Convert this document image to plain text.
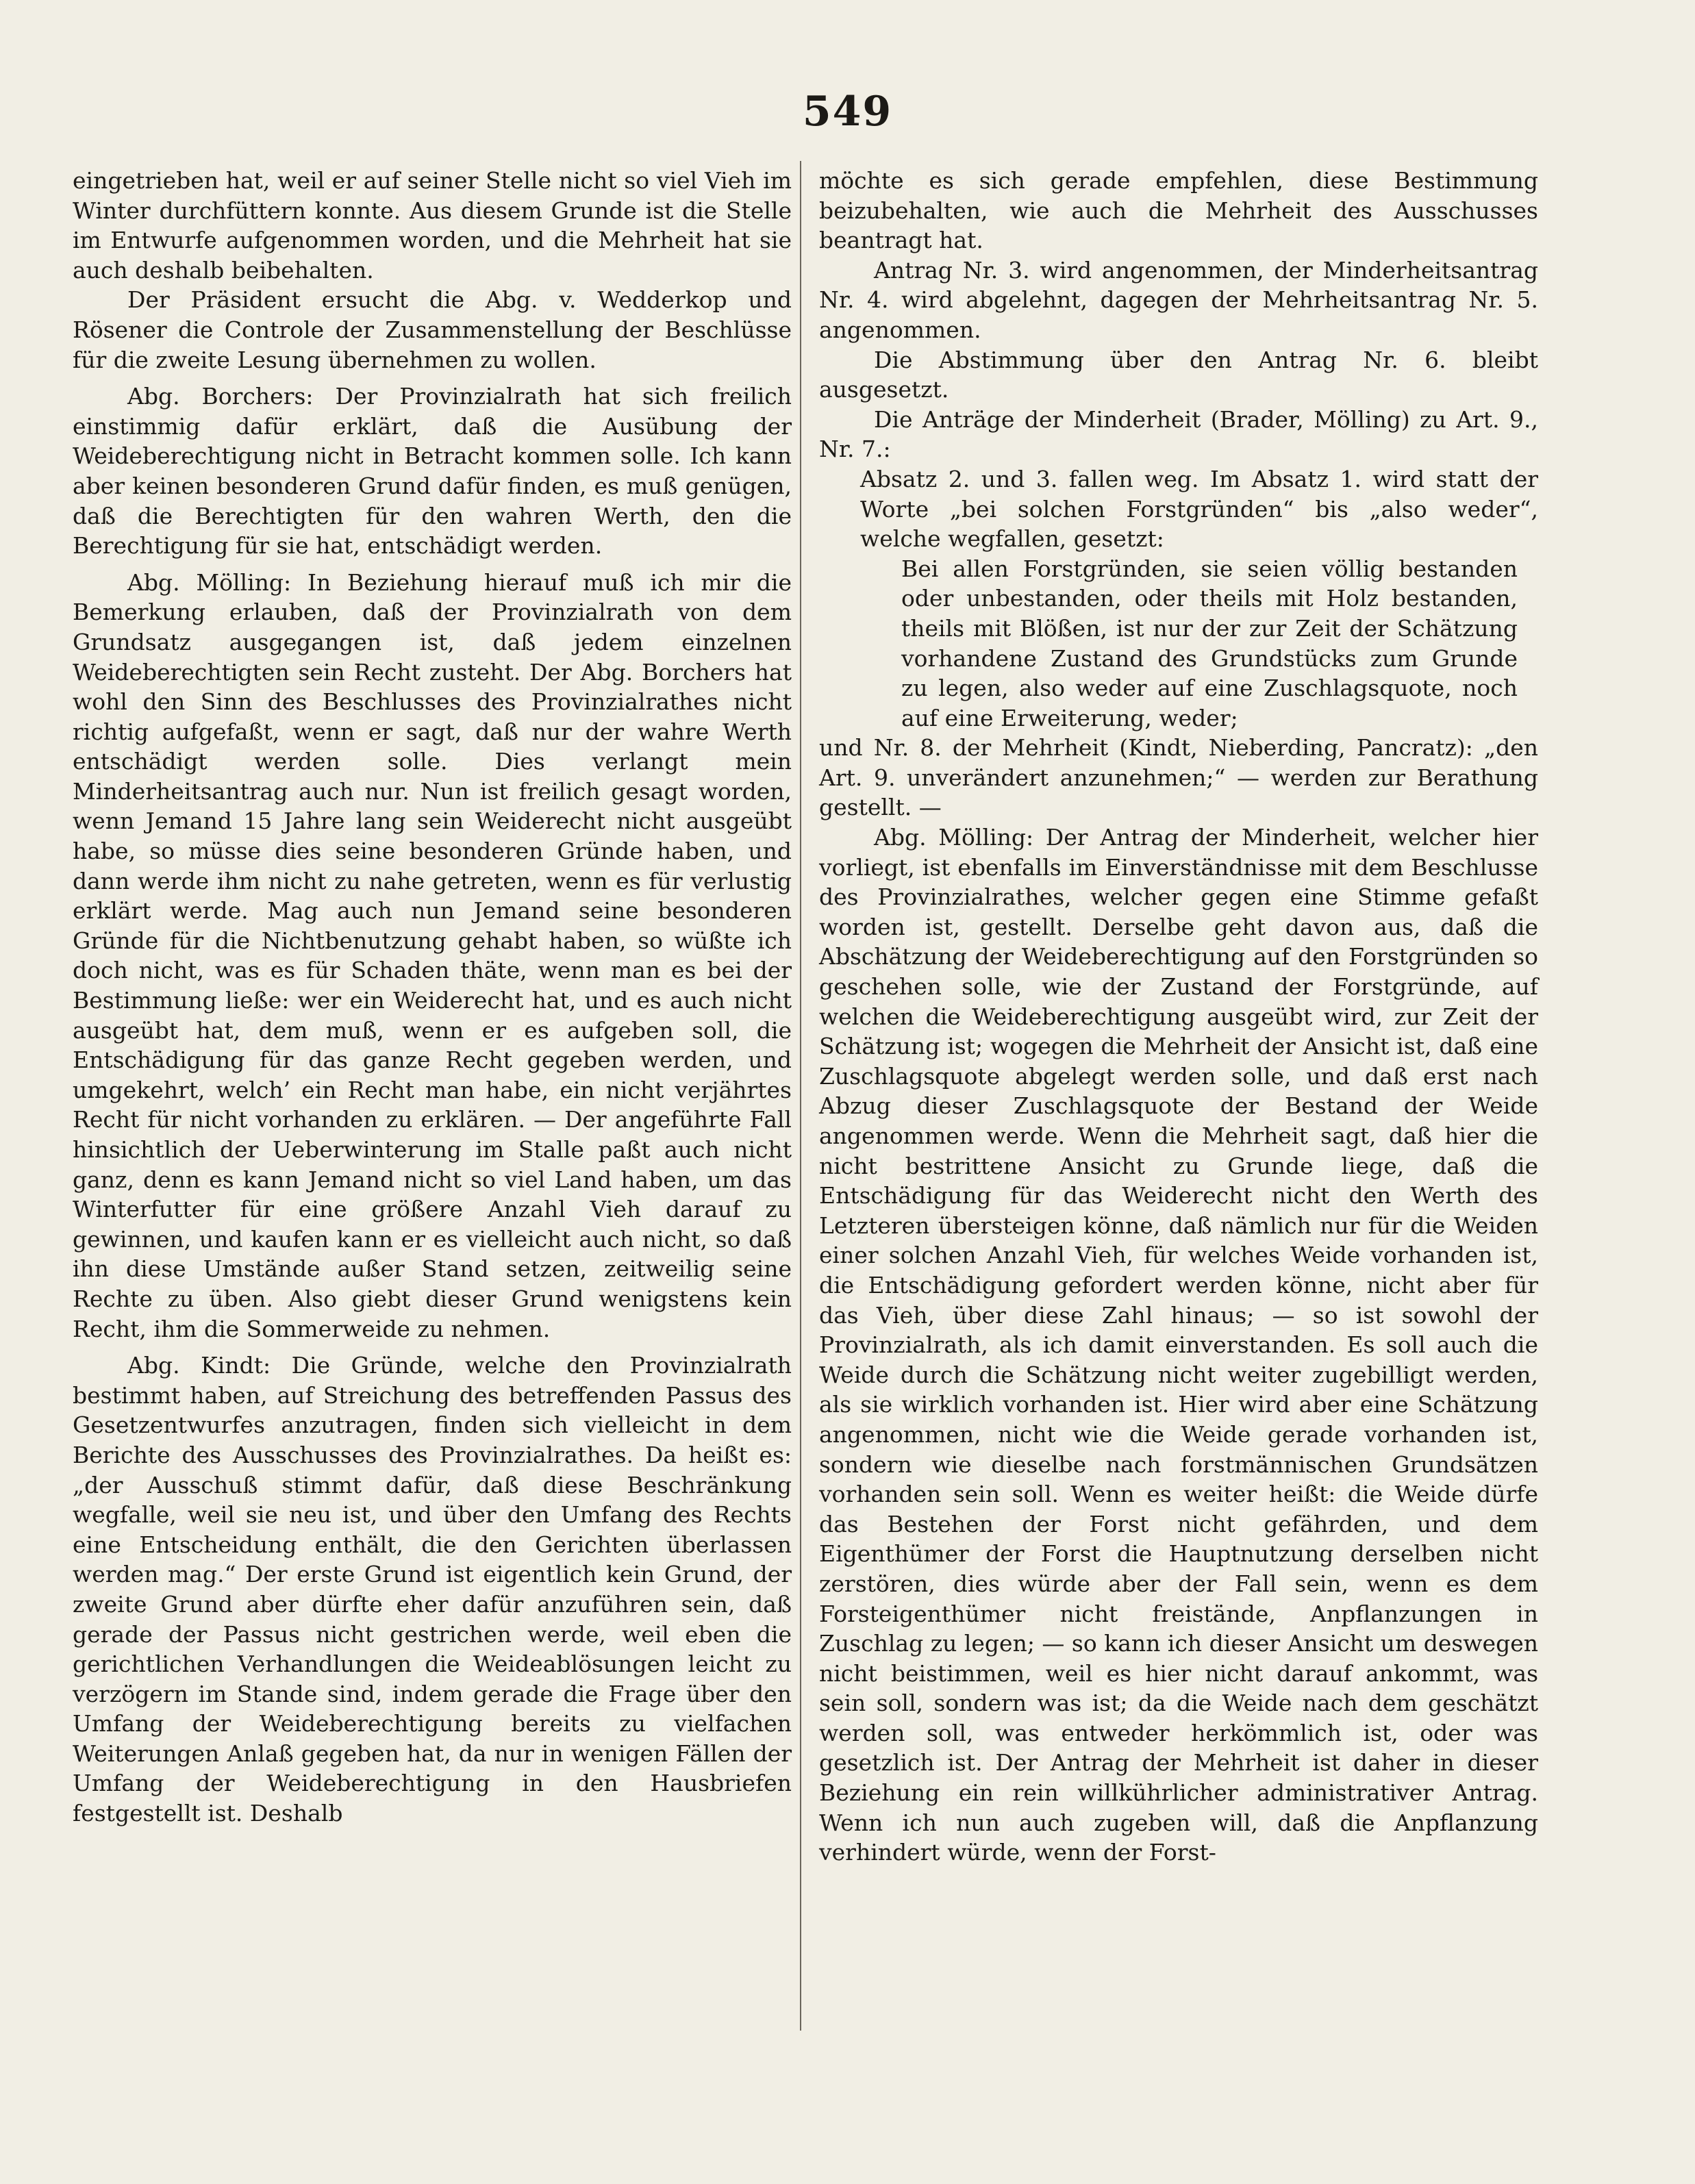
549

eingetrieben hat, weil er auf seiner Stelle nicht so viel Vieh im Winter durchfüttern konnte. Aus diesem Grunde ist die Stelle im Entwurfe aufgenommen worden, und die Mehrheit hat sie auch deshalb beibehalten.

Der Präsident ersucht die Abg. v. Wedderkop und Rösener die Controle der Zusammenstellung der Beschlüsse für die zweite Lesung übernehmen zu wollen.

Abg. Borchers: Der Provinzialrath hat sich freilich einstimmig dafür erklärt, daß die Ausübung der Weideberechtigung nicht in Betracht kommen solle. Ich kann aber keinen besonderen Grund dafür finden, es muß genügen, daß die Berechtigten für den wahren Werth, den die Berechtigung für sie hat, entschädigt werden.

Abg. Mölling: In Beziehung hierauf muß ich mir die Bemerkung erlauben, daß der Provinzialrath von dem Grundsatz ausgegangen ist, daß jedem einzelnen Weideberechtigten sein Recht zusteht. Der Abg. Borchers hat wohl den Sinn des Beschlusses des Provinzialrathes nicht richtig aufgefaßt, wenn er sagt, daß nur der wahre Werth entschädigt werden solle. Dies verlangt mein Minderheitsantrag auch nur. Nun ist freilich gesagt worden, wenn Jemand 15 Jahre lang sein Weiderecht nicht ausgeübt habe, so müsse dies seine besonderen Gründe haben, und dann werde ihm nicht zu nahe getreten, wenn es für verlustig erklärt werde. Mag auch nun Jemand seine besonderen Gründe für die Nichtbenutzung gehabt haben, so wüßte ich doch nicht, was es für Schaden thäte, wenn man es bei der Bestimmung ließe: wer ein Weiderecht hat, und es auch nicht ausgeübt hat, dem muß, wenn er es aufgeben soll, die Entschädigung für das ganze Recht gegeben werden, und umgekehrt, welch’ ein Recht man habe, ein nicht verjährtes Recht für nicht vorhanden zu erklären. — Der angeführte Fall hinsichtlich der Ueberwinterung im Stalle paßt auch nicht ganz, denn es kann Jemand nicht so viel Land haben, um das Winterfutter für eine größere Anzahl Vieh darauf zu gewinnen, und kaufen kann er es vielleicht auch nicht, so daß ihn diese Umstände außer Stand setzen, zeitweilig seine Rechte zu üben. Also giebt dieser Grund wenigstens kein Recht, ihm die Sommerweide zu nehmen.

Abg. Kindt: Die Gründe, welche den Provinzialrath bestimmt haben, auf Streichung des betreffenden Passus des Gesetzentwurfes anzutragen, finden sich vielleicht in dem Berichte des Ausschusses des Provinzialrathes. Da heißt es: „der Ausschuß stimmt dafür, daß diese Beschränkung wegfalle, weil sie neu ist, und über den Umfang des Rechts eine Entscheidung enthält, die den Gerichten überlassen werden mag.“ Der erste Grund ist eigentlich kein Grund, der zweite Grund aber dürfte eher dafür anzuführen sein, daß gerade der Passus nicht gestrichen werde, weil eben die gerichtlichen Verhandlungen die Weideablösungen leicht zu verzögern im Stande sind, indem gerade die Frage über den Umfang der Weideberechtigung bereits zu vielfachen Weiterungen Anlaß gegeben hat, da nur in wenigen Fällen der Umfang der Weideberechtigung in den Hausbriefen festgestellt ist. Deshalb

möchte es sich gerade empfehlen, diese Bestimmung beizubehalten, wie auch die Mehrheit des Ausschusses beantragt hat.

Antrag Nr. 3. wird angenommen, der Minderheitsantrag Nr. 4. wird abgelehnt, dagegen der Mehrheitsantrag Nr. 5. angenommen.

Die Abstimmung über den Antrag Nr. 6. bleibt ausgesetzt.

Die Anträge der Minderheit (Brader, Mölling) zu Art. 9., Nr. 7.:

Absatz 2. und 3. fallen weg. Im Absatz 1. wird statt der Worte „bei solchen Forstgründen“ bis „also weder“, welche wegfallen, gesetzt:

Bei allen Forstgründen, sie seien völlig bestanden oder unbestanden, oder theils mit Holz bestanden, theils mit Blößen, ist nur der zur Zeit der Schätzung vorhandene Zustand des Grundstücks zum Grunde zu legen, also weder auf eine Zuschlagsquote, noch auf eine Erweiterung, weder;

und Nr. 8. der Mehrheit (Kindt, Nieberding, Pancratz): „den Art. 9. unverändert anzunehmen;“ — werden zur Berathung gestellt. —

Abg. Mölling: Der Antrag der Minderheit, welcher hier vorliegt, ist ebenfalls im Einverständnisse mit dem Beschlusse des Provinzialrathes, welcher gegen eine Stimme gefaßt worden ist, gestellt. Derselbe geht davon aus, daß die Abschätzung der Weideberechtigung auf den Forstgründen so geschehen solle, wie der Zustand der Forstgründe, auf welchen die Weideberechtigung ausgeübt wird, zur Zeit der Schätzung ist; wogegen die Mehrheit der Ansicht ist, daß eine Zuschlagsquote abgelegt werden solle, und daß erst nach Abzug dieser Zuschlagsquote der Bestand der Weide angenommen werde. Wenn die Mehrheit sagt, daß hier die nicht bestrittene Ansicht zu Grunde liege, daß die Entschädigung für das Weiderecht nicht den Werth des Letzteren übersteigen könne, daß nämlich nur für die Weiden einer solchen Anzahl Vieh, für welches Weide vorhanden ist, die Entschädigung gefordert werden könne, nicht aber für das Vieh, über diese Zahl hinaus; — so ist sowohl der Provinzialrath, als ich damit einverstanden. Es soll auch die Weide durch die Schätzung nicht weiter zugebilligt werden, als sie wirklich vorhanden ist. Hier wird aber eine Schätzung angenommen, nicht wie die Weide gerade vorhanden ist, sondern wie dieselbe nach forstmännischen Grundsätzen vorhanden sein soll. Wenn es weiter heißt: die Weide dürfe das Bestehen der Forst nicht gefährden, und dem Eigenthümer der Forst die Hauptnutzung derselben nicht zerstören, dies würde aber der Fall sein, wenn es dem Forsteigenthümer nicht freistände, Anpflanzungen in Zuschlag zu legen; — so kann ich dieser Ansicht um deswegen nicht beistimmen, weil es hier nicht darauf ankommt, was sein soll, sondern was ist; da die Weide nach dem geschätzt werden soll, was entweder herkömmlich ist, oder was gesetzlich ist. Der Antrag der Mehrheit ist daher in dieser Beziehung ein rein willkührlicher administrativer Antrag. Wenn ich nun auch zugeben will, daß die Anpflanzung verhindert würde, wenn der Forst-
